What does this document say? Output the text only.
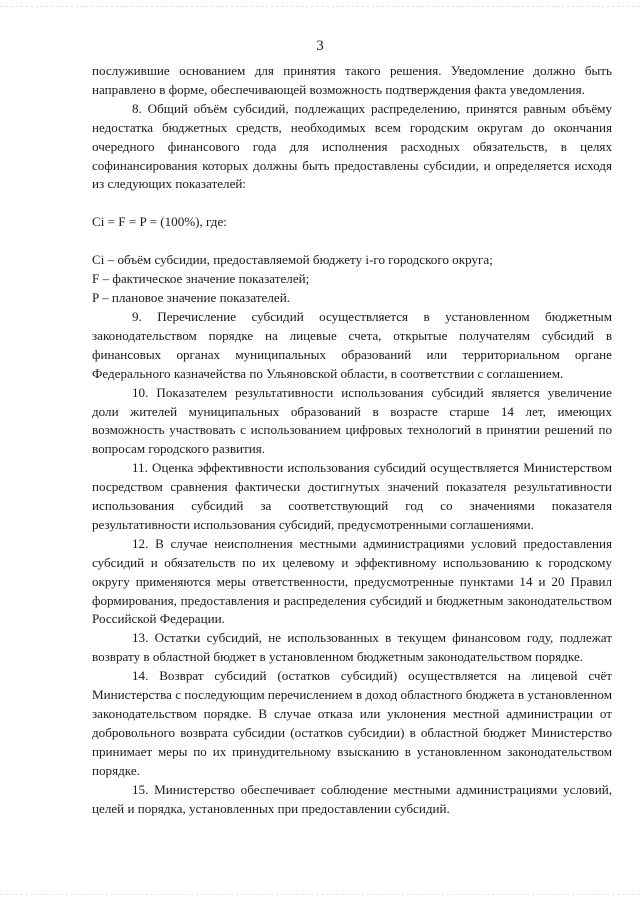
3

послужившие основанием для принятия такого решения. Уведомление должно быть направлено в форме, обеспечивающей возможность подтверждения факта уведомления.

8. Общий объём субсидий, подлежащих распределению, принятся равным объёму недостатка бюджетных средств, необходимых всем городским округам до окончания очередного финансового года для исполнения расходных обязательств, в целях софинансирования которых должны быть предоставлены субсидии, и определяется исходя из следующих показателей:

Ci = F = P = (100%), где:

Ci – объём субсидии, предоставляемой бюджету i-го городского округа;

F – фактическое значение показателей;

P – плановое значение показателей.

9. Перечисление субсидий осуществляется в установленном бюджетным законодательством порядке на лицевые счета, открытые получателям субсидий в финансовых органах муниципальных образований или территориальном органе Федерального казначейства по Ульяновской области, в соответствии с соглашением.

10. Показателем результативности использования субсидий является увеличение доли жителей муниципальных образований в возрасте старше 14 лет, имеющих возможность участвовать с использованием цифровых технологий в принятии решений по вопросам городского развития.

11. Оценка эффективности использования субсидий осуществляется Министерством посредством сравнения фактически достигнутых значений показателя результативности использования субсидий за соответствующий год со значениями показателя результативности использования субсидий, предусмотренными соглашениями.

12. В случае неисполнения местными администрациями условий предоставления субсидий и обязательств по их целевому и эффективному использованию к городскому округу применяются меры ответственности, предусмотренные пунктами 14 и 20 Правил формирования, предоставления и распределения субсидий и бюджетным законодательством Российской Федерации.

13. Остатки субсидий, не использованных в текущем финансовом году, подлежат возврату в областной бюджет в установленном бюджетным законодательством порядке.

14. Возврат субсидий (остатков субсидий) осуществляется на лицевой счёт Министерства с последующим перечислением в доход областного бюджета в установленном законодательством порядке. В случае отказа или уклонения местной администрации от добровольного возврата субсидии (остатков субсидии) в областной бюджет Министерство принимает меры по их принудительному взысканию в установленном законодательством порядке.

15. Министерство обеспечивает соблюдение местными администрациями условий, целей и порядка, установленных при предоставлении субсидий.
